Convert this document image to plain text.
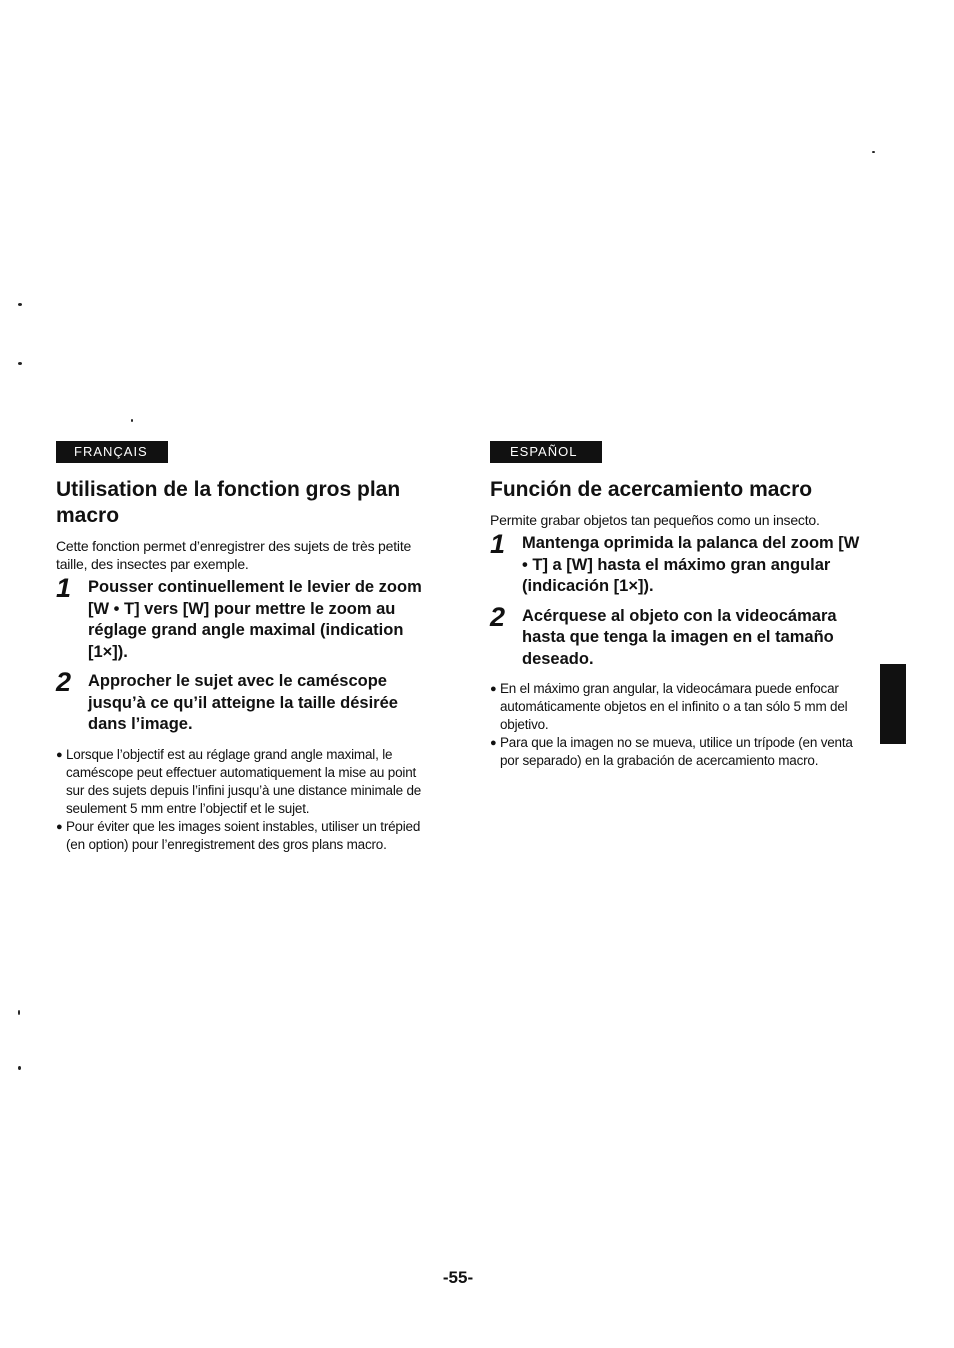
FRANÇAIS
Utilisation de la fonction gros plan macro

Cette fonction permet d’enregistrer des sujets de très petite taille, des insectes par exemple.

1 Pousser continuellement le levier de zoom [W • T] vers [W] pour mettre le zoom au réglage grand angle maximal (indication [1×]).
2 Approcher le sujet avec le caméscope jusqu’à ce qu’il atteigne la taille désirée dans l’image.
● Lorsque l’objectif est au réglage grand angle maximal, le caméscope peut effectuer automatiquement la mise au point sur des sujets depuis l’infini jusqu’à une distance minimale de seulement 5 mm entre l’objectif et le sujet.
● Pour éviter que les images soient instables, utiliser un trépied (en option) pour l’enregistrement des gros plans macro.
ESPAÑOL
Función de acercamiento macro

Permite grabar objetos tan pequeños como un insecto.

1 Mantenga oprimida la palanca del zoom [W • T] a [W] hasta el máximo gran angular (indicación [1×]).
2 Acérquese al objeto con la videocámara hasta que tenga la imagen en el tamaño deseado.
● En el máximo gran angular, la videocámara puede enfocar automáticamente objetos en el infinito o a tan sólo 5 mm del objetivo.
● Para que la imagen no se mueva, utilice un trípode (en venta por separado) en la grabación de acercamiento macro.
-55-
